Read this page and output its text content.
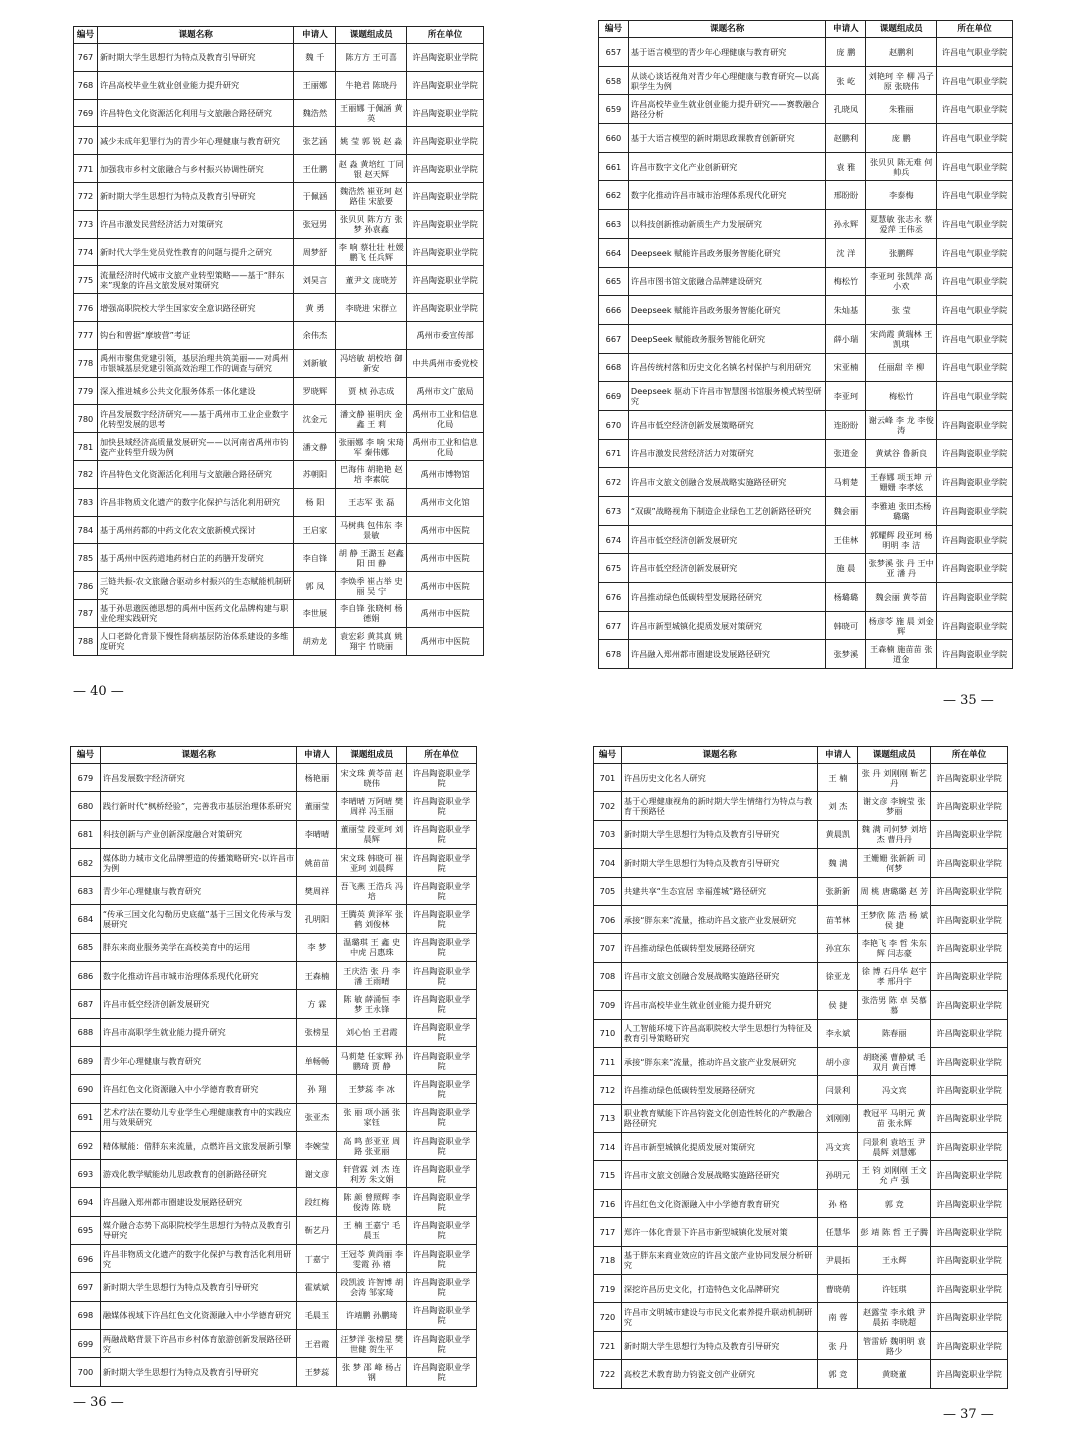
编号	课题名称	申请人	课题组成员	所在单位
767	新时期大学生思想行为特点及教育引导研究	魏 千	陈方方 王可喜	许昌陶瓷职业学院
768	许昌高校毕业生就业创业能力提升研究	王丽娜	牛艳君 陈晓丹	许昌陶瓷职业学院
769	许昌特色文化资源活化利用与文旅融合路径研究	魏浩然	王丽娜 于佩涵 黄 英	许昌陶瓷职业学院
770	减少未成年犯罪行为的青少年心理健康与教育研究	张艺涵	姚 莹 郭 锐 赵 淼	许昌陶瓷职业学院
771	加强我市乡村文旅融合与乡村振兴协调性研究	王仕鹏	赵 淼 黄培红 丁同银 赵天辉	许昌陶瓷职业学院
772	新时期大学生思想行为特点及教育引导研究	于佩涵	魏浩然 崔亚珂 赵路佳 宋旅要	许昌陶瓷职业学院
773	许昌市激发民营经济活力对策研究	张冠男	张贝贝 陈方方 张 梦 孙袁鑫	许昌陶瓷职业学院
774	新时代大学生党员党性教育的问题与提升之研究	周梦舒	李 响 蔡壮壮 杜媛鹏飞 任兵辉	许昌陶瓷职业学院
775	流量经济时代城市文旅产业转型策略——基于“胖东来”现象的许昌文旅发展对策研究	刘昊言	董尹文 庞晓芳	许昌陶瓷职业学院
776	增强高职院校大学生国家安全意识路径研究	黄 勇	李晓进 宋群立	许昌陶瓷职业学院
777	钩台和曾据“摩坡营”考证	余伟杰		禹州市委宣传部
778	禹州市聚焦党建引领，基层治理共筑美丽——对禹州市银城基层党建引领高效治理工作的调查与研究	刘新敏	冯培敏 胡校培 御新安	中共禹州市委党校
779	深入推进城乡公共文化服务体系一体化建设	罗晓辉	贾 桢 孙志成	禹州市文广旅局
780	许昌发展数字经济研究——基于禹州市工业企业数字化转型发展的思考	沈金元	潘文静 崔明庆 金 鑫 王 莉	禹州市工业和信息化局
781	加快县域经济高质量发展研究——以河南省禹州市钧瓷产业转型升级为例	潘文静	张丽娜 李 响 宋琦军 秦伟娜	禹州市工业和信息化局
782	许昌特色文化资源活化利用与文旅融合路径研究	苏朝阳	巴海伟 胡艳艳 赵 培 李素皖	禹州市博物馆
783	许昌非物质文化遗产的数字化保护与活化利用研究	杨 阳	王志军 张 磊	禹州市文化馆
784	基于禹州药都的中药文化农文旅新模式探讨	王启家	马树典 包伟东 李景敏	禹州市中医院
785	基于禹州中医药道地药材白芷的药膳开发研究	李自锋	胡 静 王潞玉 赵鑫阳 田 静	禹州市中医院
786	三链共振-农文旅融合驱动乡村振兴的生态赋能机制研究	郭 凤	李焕季 崔占举 史 丽 吴 宁	禹州市中医院
787	基于孙思邈医德思想的禹州中医药文化品牌构建与职业伦理实践研究	李世展	李自锋 张晓柯 杨德娟	禹州市中医院
788	人口老龄化背景下慢性肾病基层防治体系建设的多维度研究	胡劝龙	袁宏彩 黄其真 姚翔宇 竹晓丽	禹州市中医院
编号	课题名称	申请人	课题组成员	所在单位
657	基于语言模型的青少年心理健康与教育研究	庞 鹏	赵鹏利	许昌电气职业学院
658	从谈心谈话视角对青少年心理健康与教育研究—以高职学生为例	张 屹	刘艳珂 辛 柳 冯子原 张晓伟	许昌电气职业学院
659	许昌高校毕业生就业创业能力提升研究——赛教融合路径分析	孔晓凤	朱雅丽	许昌电气职业学院
660	基于大语言模型的新时期思政课教育创新研究	赵鹏利	庞 鹏	许昌电气职业学院
661	许昌市数字文化产业创新研究	袁 雅	张贝贝 陈无难 何帅兵	许昌电气职业学院
662	数字化推动许昌市城市治理体系现代化研究	邢盼盼	李泰梅	许昌电气职业学院
663	以科技创新推动新质生产力发展研究	孙永辉	夏慧敏 张志永 蔡爱萍 王伟丞	许昌电气职业学院
664	Deepseek 赋能许昌政务服务智能化研究	沈 洋	张鹏辉	许昌电气职业学院
665	许昌市图书馆文旅融合品牌建设研究	梅松竹	李亚珂 张凯萍 高小欢	许昌电气职业学院
666	Deepseek 赋能许昌政务服务智能化研究	朱灿基	张 莹	许昌电气职业学院
667	DeepSeek 赋能政务服务智能化研究	薛小瑞	宋尚霞 黄瑞林 王凯琪	许昌电气职业学院
668	许昌传统村落和历史文化名镇名村保护与利用研究	宋亚楠	任丽甜 辛 柳	许昌电气职业学院
669	Deepseek 驱动下许昌市智慧图书馆服务模式转型研究	李亚珂	梅松竹	许昌电气职业学院
670	许昌市低空经济创新发展策略研究	连盼盼	谢云峰 李 龙 李俊涛	许昌陶瓷职业学院
671	许昌市激发民营经济活力对策研究	张道金	黄斌谷 鲁新良	许昌陶瓷职业学院
672	许昌市文旅文创融合发展战略实施路径研究	马莉楚	王春娜 项玉坤 亓姗姗 李孝炫	许昌陶瓷职业学院
673	“双碳”战略视角下制造企业绿色工艺创新路径研究	魏会丽	李雅迪 张田杰杨璐璐	许昌陶瓷职业学院
674	许昌市低空经济创新发展研究	王佳林	郭耀辉 段亚珂 杨明明 李 洁	许昌陶瓷职业学院
675	许昌市低空经济创新发展研究	施 晨	张梦溪 张 丹 王中亚 潘 丹	许昌陶瓷职业学院
676	许昌推动绿色低碳转型发展路径研究	杨璐璐	魏会丽 黄苓苗	许昌陶瓷职业学院
677	许昌市新型城镇化提质发展对策研究	韩晓可	杨彦苓 施 晨 刘金辉	许昌陶瓷职业学院
678	许昌融入郑州都市圈建设发展路径研究	张梦溪	王森楠 施苗苗 张道金	许昌陶瓷职业学院
编号	课题名称	申请人	课题组成员	所在单位
679	许昌发展数字经济研究	杨艳丽	宋文珠 黄苓苗 赵晓伟	许昌陶瓷职业学院
680	践行新时代“枫桥经验”，完善我市基层治理体系研究	董丽莹	李晴晴 万阿晴 樊周祥 冯玉丽	许昌陶瓷职业学院
681	科技创新与产业创新深度融合对策研究	李晴晴	董丽莹 段亚珂 刘晨辉	许昌陶瓷职业学院
682	媒体助力城市文化品牌塑造的传播策略研究-以许昌市为例	姚苗苗	宋文珠 韩晓可 崔亚珂 刘晨辉	许昌陶瓷职业学院
683	青少年心理健康与教育研究	樊周祥	吾飞燕 王浩兵 冯 培	许昌陶瓷职业学院
684	“传承三国文化勾勒历史底蕴”基于三国文化传承与发展研究	孔明阳	王腾英 黄泽军 张 鹤 刘俊林	许昌陶瓷职业学院
685	胖东来商业服务美学在高校美育中的运用	李 梦	温璐琪 王 鑫 史中虎 吕惠珠	许昌陶瓷职业学院
686	数字化推动许昌市城市治理体系现代化研究	王森楠	王庆浩 张 丹 李 潘 王雨晴	许昌陶瓷职业学院
687	许昌市低空经济创新发展研究	方 霖	陈 敏 薛涌恒 李 梦 王永锋	许昌陶瓷职业学院
688	许昌市高职学生就业能力提升研究	张榜星	刘心怡 王君霞	许昌陶瓷职业学院
689	青少年心理健康与教育研究	单畅畅	马莉楚 任家辉 孙鹏琦 贾 静	许昌陶瓷职业学院
690	许昌红色文化资源融入中小学德育教育研究	孙 翔	王梦蕊 李 冰	许昌陶瓷职业学院
691	艺术疗法在婴幼儿专业学生心理健康教育中的实践应用与效果研究	张亚杰	张 丽 项小涵 张家钰	许昌陶瓷职业学院
692	精体赋能：借胖东来流量，点燃许昌文旅发展新引擎	李婉莹	高 鸣 彭亚亚 周 路 张亚丽	许昌陶瓷职业学院
693	游戏化教学赋能幼儿思政教育的创新路径研究	谢文彦	轩营霖 刘 杰 连利芳 朱文娟	许昌陶瓷职业学院
694	许昌融入郑州都市圈建设发展路径研究	段红梅	陈 颜 曾照辉 李俊涛 陈 晓	许昌陶瓷职业学院
695	媒介融合态势下高职院校学生思想行为特点及教育引导研究	靳艺丹	王 楠 王嘉宁 毛晨玉	许昌陶瓷职业学院
696	许昌非物质文化遗产的数字化保护与教育活化利用研究	丁嘉宁	王冠苓 黄尚丽 李雯霞 孙 禧	许昌陶瓷职业学院
697	新时期大学生思想行为特点及教育引导研究	霍斌斌	段凯波 许智博 胡会涛 邹家琦	许昌陶瓷职业学院
698	融媒体视域下许昌红色文化资源融入中小学德育研究	毛晨玉	许靖鹏 孙鹏琦	许昌陶瓷职业学院
699	两融战略背景下许昌市乡村体育旅游创新发展路径研究	王君霞	汪梦洋 张榜星 樊世健 贺生平	许昌陶瓷职业学院
700	新时期大学生思想行为特点及教育引导研究	王梦蕊	张 梦 邵 峰 杨占钢	许昌陶瓷职业学院
编号	课题名称	申请人	课题组成员	所在单位
701	许昌历史文化名人研究	王 楠	张 丹 刘刚刚 靳艺丹	许昌陶瓷职业学院
702	基于心理健康视角的新时期大学生情绪行为特点与教育干预路径	刘 杰	谢文彦 李婉莹 张梦丽	许昌陶瓷职业学院
703	新时期大学生思想行为特点及教育引导研究	黄晨凯	魏 满 司何梦 刘培杰 曹丹丹	许昌陶瓷职业学院
704	新时期大学生思想行为特点及教育引导研究	魏 满	王姗姗 张新新 司何梦	许昌陶瓷职业学院
705	共建共享“生态宜居 幸福莲城”路径研究	张新新	周 桃 唐璐璐 赵 芳	许昌陶瓷职业学院
706	承接“胖东来”流量，推动许昌文旅产业发展研究	苗苇林	王梦欣 陈 浩 杨 斌 侯 捷	许昌陶瓷职业学院
707	许昌推动绿色低碳转型发展路径研究	孙宜东	李艳飞 李 哲 朱东辉 闫志豪	许昌陶瓷职业学院
708	许昌市文旅文创融合发展战略实施路径研究	徐亚龙	徐 博 石丹华 赵宇孝 邢丹宇	许昌陶瓷职业学院
709	许昌市高校毕业生就业创业能力提升研究	侯 捷	张浩男 陈 卓 吴慕慕	许昌陶瓷职业学院
710	人工智能环境下许昌高职院校大学生思想行为特征及教育引导策略研究	李永斌	陈春丽	许昌陶瓷职业学院
711	承接“胖东来”流量，推动许昌文旅产业发展研究	胡小彦	胡晓溪 曹静斌 毛双月 黄百博	许昌陶瓷职业学院
712	许昌推动绿色低碳转型发展路径研究	闫景利	冯文宾	许昌陶瓷职业学院
713	职业教育赋能下许昌钧瓷文化创造性转化的产教融合路径研究	刘刚刚	教冠平 马明元 黄 苗 张永辉	许昌陶瓷职业学院
714	许昌市新型城镇化提质发展对策研究	冯文宾	闫景利 袁培玉 尹晨辉 刘慧娜	许昌陶瓷职业学院
715	许昌市文旅文创融合发展战略实施路径研究	孙明元	王 钧 刘刚刚 王文允 卢 强	许昌陶瓷职业学院
716	许昌红色文化资源融入中小学德育教育研究	孙 格	郭 竞	许昌陶瓷职业学院
717	郑许一体化背景下许昌市新型城镇化发展对策	任慧华	彭 靖 陈 哲 王子腾	许昌陶瓷职业学院
718	基于胖东来商业效应的许昌文旅产业协同发展分析研究	尹晨拓	王永辉	许昌陶瓷职业学院
719	深挖许昌历史文化，打造特色文化品牌研究	曹晓萌	许钰琪	许昌陶瓷职业学院
720	许昌市文明城市建设与市民文化素养提升联动机制研究	南 蓉	赵露莹 李永娥 尹晨拓 李晓超	许昌陶瓷职业学院
721	新时期大学生思想行为特点及教育引导研究	张 丹	管雷娇 魏明明 袁路少	许昌陶瓷职业学院
722	高校艺术教育助力钧瓷文创产业研究	郭 竞	黄晓董	许昌陶瓷职业学院
— 40 —
— 35 —
— 36 —
— 37 —
